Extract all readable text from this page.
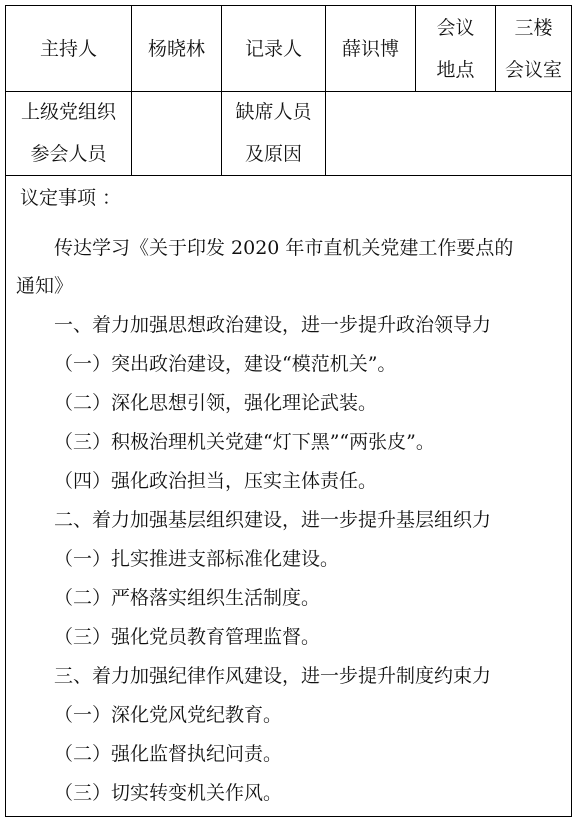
主持人	杨晓林 记录人 薛识博
会议
地点
三楼
会议室
上级党组织
参会人员
缺席人员
及原因
议定事项 ：
传达学习《关于印发 2020 年市直机关党建工作要点的
通知》
一、着力加强思想政治建设，进一步提升政治领导力
（一）突出政治建设，建设“模范机关”。
（二）深化思想引领，强化理论武装。
（三）积极治理机关党建“灯下黑”“两张皮”。
（四）强化政治担当，压实主体责任。
二、着力加强基层组织建设，进一步提升基层组织力
（一）扎实推进支部标准化建设。
（二）严格落实组织生活制度。
（三）强化党员教育管理监督。
三、着力加强纪律作风建设，进一步提升制度约束力
（一）深化党风党纪教育。
（二）强化监督执纪问责。
（三）切实转变机关作风。
